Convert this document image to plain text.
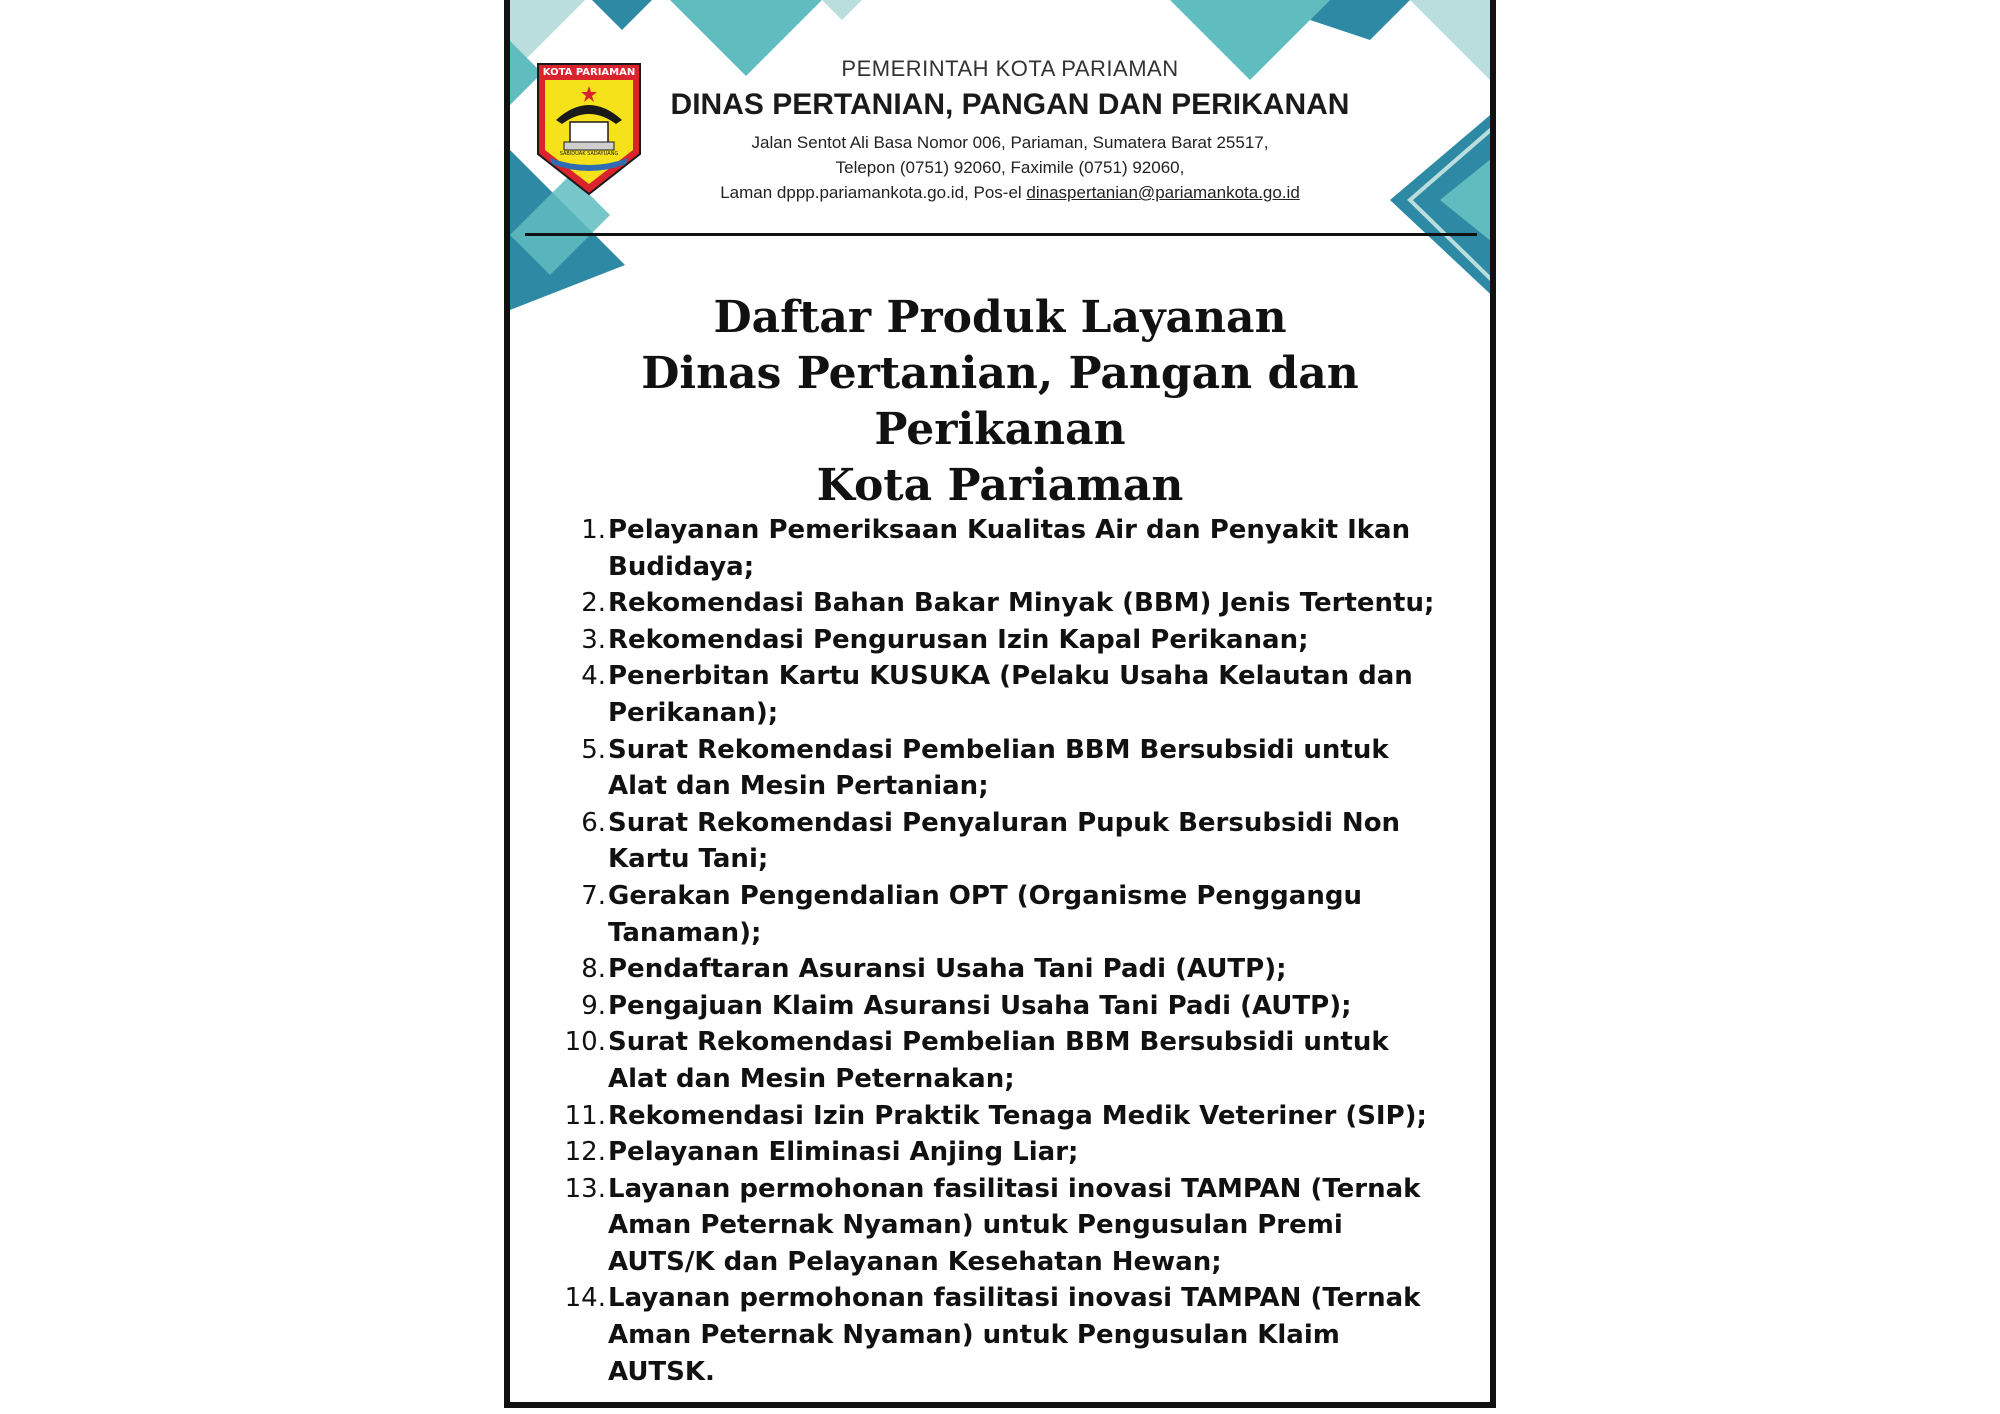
KOTA PARIAMAN
SABIDUAK SADAYUANG
PEMERINTAH KOTA PARIAMAN
DINAS PERTANIAN, PANGAN DAN PERIKANAN
Jalan Sentot Ali Basa Nomor 006, Pariaman, Sumatera Barat 25517,
Telepon (0751) 92060, Faximile (0751) 92060,
Laman dppp.pariamankota.go.id, Pos-el dinaspertanian@pariamankota.go.id
Daftar Produk Layanan
Dinas Pertanian, Pangan dan Perikanan
Kota Pariaman
1. Pelayanan Pemeriksaan Kualitas Air dan Penyakit Ikan Budidaya;
2. Rekomendasi Bahan Bakar Minyak (BBM) Jenis Tertentu;
3. Rekomendasi Pengurusan Izin Kapal Perikanan;
4. Penerbitan Kartu KUSUKA (Pelaku Usaha Kelautan dan Perikanan);
5. Surat Rekomendasi Pembelian BBM Bersubsidi untuk Alat dan Mesin Pertanian;
6. Surat Rekomendasi Penyaluran Pupuk Bersubsidi Non Kartu Tani;
7. Gerakan Pengendalian OPT (Organisme Penggangu Tanaman);
8. Pendaftaran Asuransi Usaha Tani Padi (AUTP);
9. Pengajuan Klaim Asuransi Usaha Tani Padi (AUTP);
10. Surat Rekomendasi Pembelian BBM Bersubsidi untuk Alat dan Mesin Peternakan;
11. Rekomendasi Izin Praktik Tenaga Medik Veteriner (SIP);
12. Pelayanan Eliminasi Anjing Liar;
13. Layanan permohonan fasilitasi inovasi TAMPAN (Ternak Aman Peternak Nyaman) untuk Pengusulan Premi AUTS/K dan Pelayanan Kesehatan Hewan;
14. Layanan permohonan fasilitasi inovasi TAMPAN (Ternak Aman Peternak Nyaman) untuk Pengusulan Klaim AUTSK.
